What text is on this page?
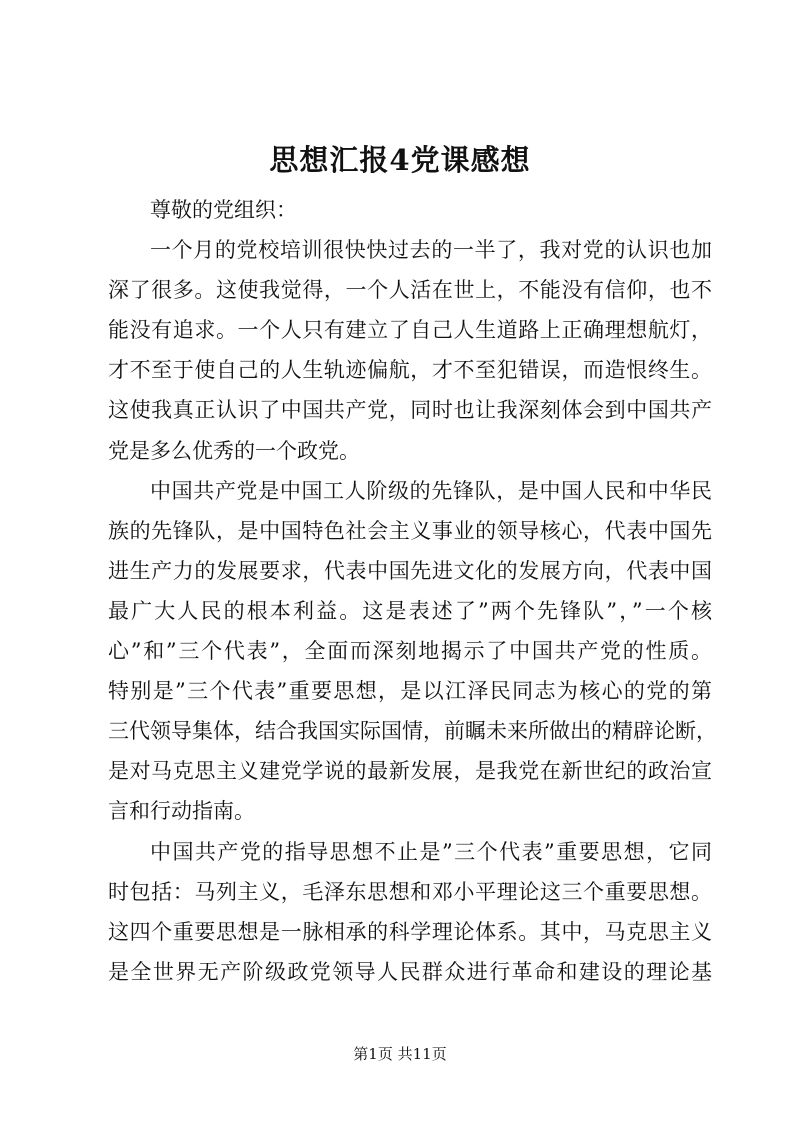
思想汇报4党课感想
尊敬的党组织：
一个月的党校培训很快快过去的一半了，我对党的认识也加
深了很多。这使我觉得，一个人活在世上，不能没有信仰，也不
能没有追求。一个人只有建立了自己人生道路上正确理想航灯，
才不至于使自己的人生轨迹偏航，才不至犯错误，而造恨终生。
这使我真正认识了中国共产党，同时也让我深刻体会到中国共产
党是多么优秀的一个政党。
中国共产党是中国工人阶级的先锋队，是中国人民和中华民
族的先锋队，是中国特色社会主义事业的领导核心，代表中国先
进生产力的发展要求，代表中国先进文化的发展方向，代表中国
最广大人民的根本利益。这是表述了”两个先锋队”，”一个核
心”和”三个代表”，全面而深刻地揭示了中国共产党的性质。
特别是”三个代表”重要思想，是以江泽民同志为核心的党的第
三代领导集体，结合我国实际国情，前瞩未来所做出的精辟论断，
是对马克思主义建党学说的最新发展，是我党在新世纪的政治宣
言和行动指南。
中国共产党的指导思想不止是”三个代表”重要思想，它同
时包括：马列主义，毛泽东思想和邓小平理论这三个重要思想。
这四个重要思想是一脉相承的科学理论体系。其中，马克思主义
是全世界无产阶级政党领导人民群众进行革命和建设的理论基
第1页 共11页
